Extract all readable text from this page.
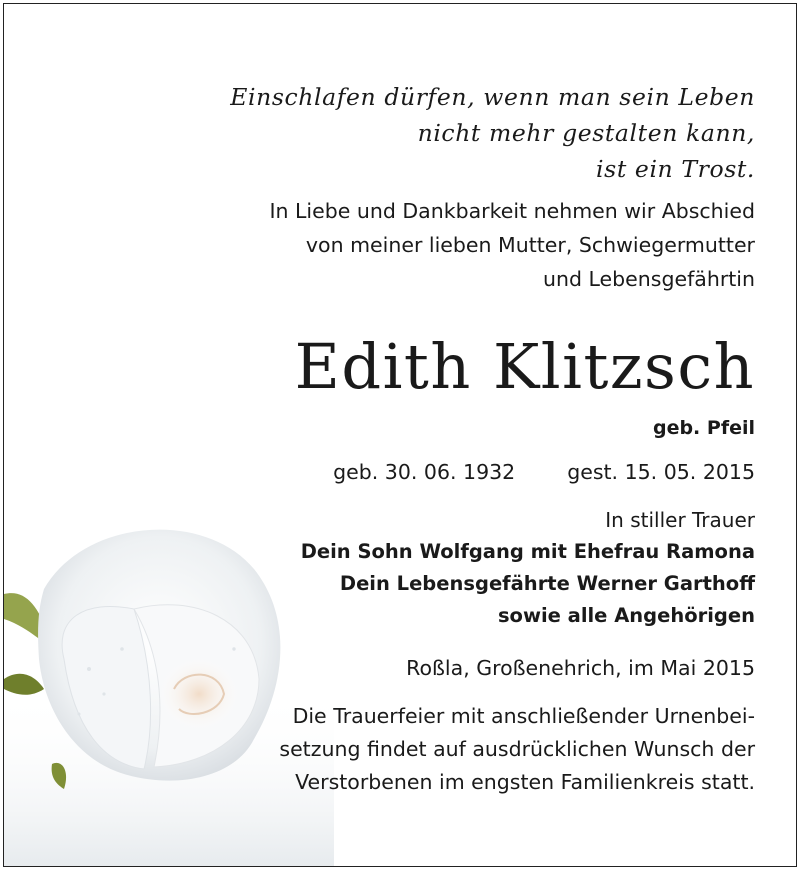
Einschlafen dürfen, wenn man sein Leben
nicht mehr gestalten kann,
ist ein Trost.
In Liebe und Dankbarkeit nehmen wir Abschied
von meiner lieben Mutter, Schwiegermutter
und Lebensgefährtin
Edith Klitzsch
geb. Pfeil
geb. 30. 06. 1932	gest. 15. 05. 2015
In stiller Trauer
Dein Sohn Wolfgang mit Ehefrau Ramona
Dein Lebensgefährte Werner Garthoff
sowie alle Angehörigen
Roßla, Großenehrich, im Mai 2015
Die Trauerfeier mit anschließender Urnenbei-
setzung findet auf ausdrücklichen Wunsch der
Verstorbenen im engsten Familienkreis statt.
